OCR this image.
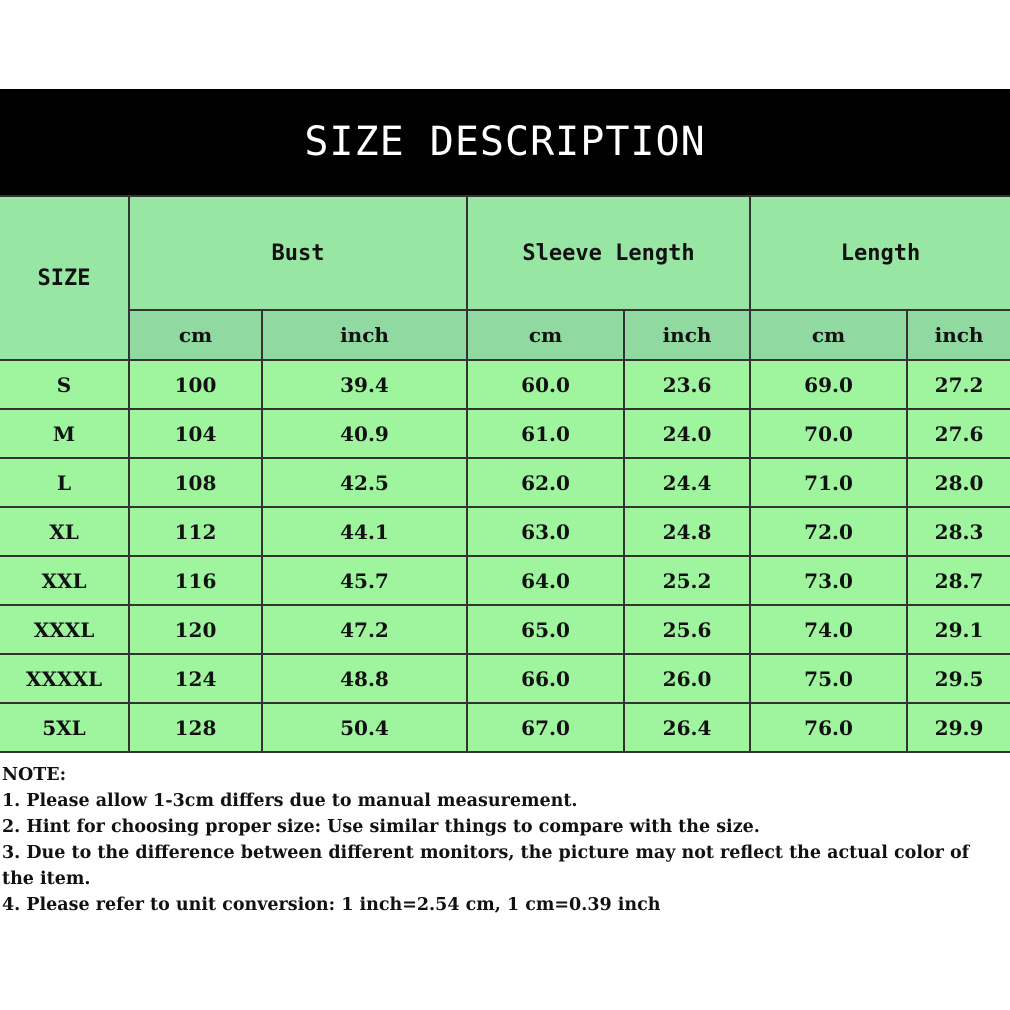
SIZE DESCRIPTION
SIZE	Bust		Sleeve Length		Length	
	cm	inch	cm	inch	cm	inch
S	100	39.4	60.0	23.6	69.0	27.2
M	104	40.9	61.0	24.0	70.0	27.6
L	108	42.5	62.0	24.4	71.0	28.0
XL	112	44.1	63.0	24.8	72.0	28.3
XXL	116	45.7	64.0	25.2	73.0	28.7
XXXL	120	47.2	65.0	25.6	74.0	29.1
XXXXL	124	48.8	66.0	26.0	75.0	29.5
5XL	128	50.4	67.0	26.4	76.0	29.9
NOTE:
1. Please allow 1-3cm differs due to manual measurement.
2. Hint for choosing proper size: Use similar things to compare with the size.
3. Due to the difference between different monitors, the picture may not reflect the actual color of the item.
4. Please refer to unit conversion: 1 inch=2.54 cm, 1 cm=0.39 inch
